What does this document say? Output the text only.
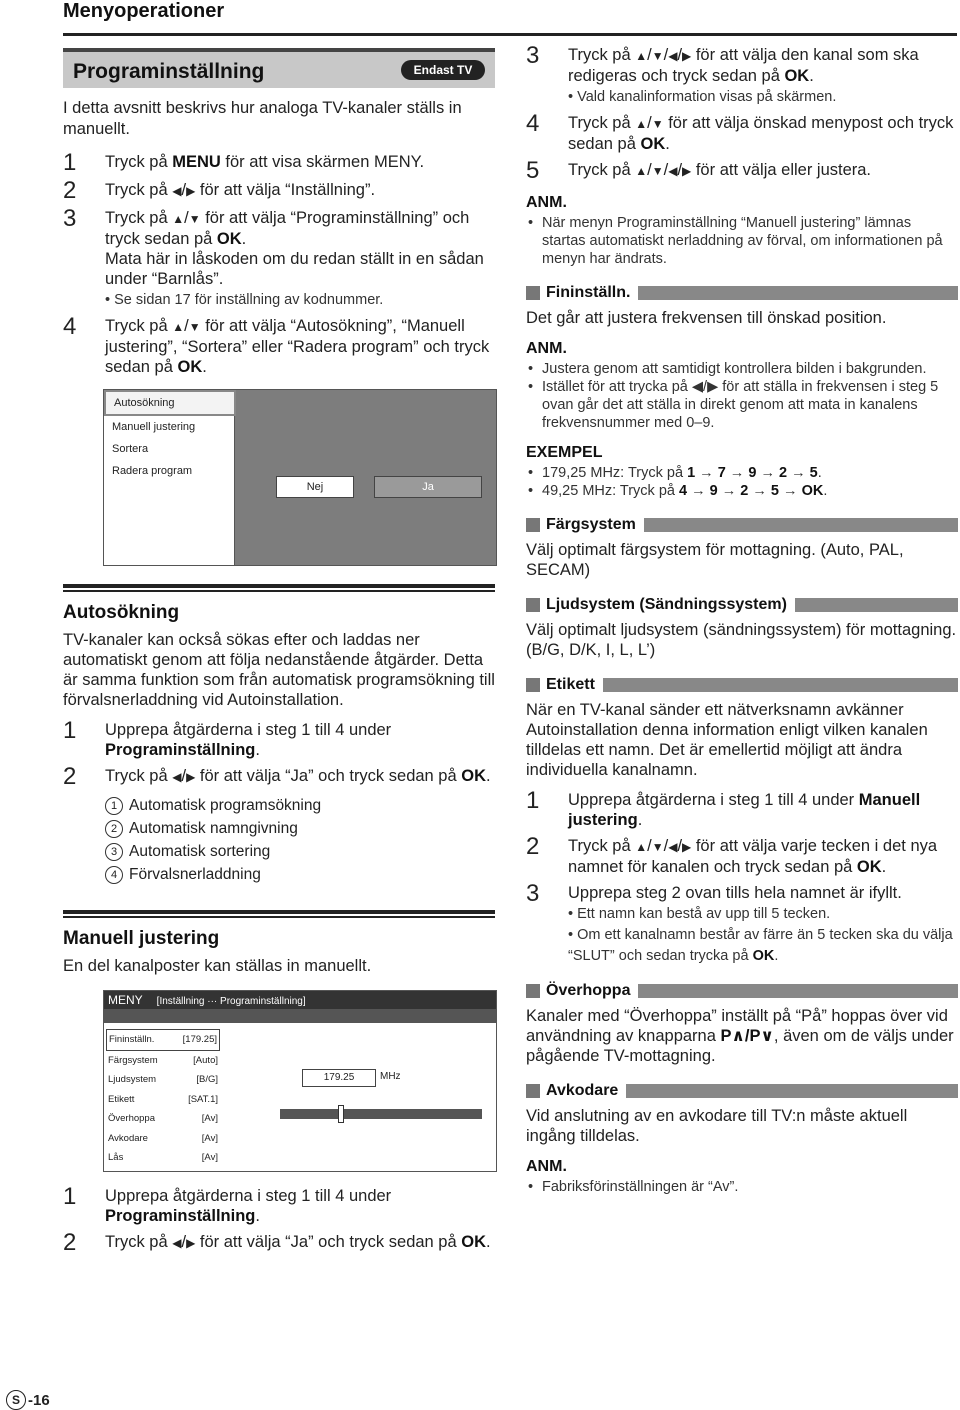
Menyoperationer
Programinställning	Endast TV

I detta avsnitt beskrivs hur analoga TV-kanaler ställs in manuellt.

1	Tryck på MENU för att visa skärmen MENY.
2	Tryck på ◀/▶ för att välja “Inställning”.
3	Tryck på ▲/▼ för att välja “Programinställning” och tryck sedan på OK.
Mata här in låskoden om du redan ställt in en sådan under “Barnlås”.
• Se sidan 17 för inställning av kodnummer.
4	Tryck på ▲/▼ för att välja “Autosökning”, “Manuell justering”, “Sortera” eller “Radera program” och tryck sedan på OK.
Autosökning
Manuell justering
Sortera
Radera program
Nej	Ja
Autosökning

TV-kanaler kan också sökas efter och laddas ner automatiskt genom att följa nedanstående åtgärder. Detta är samma funktion som från automatisk programsökning till förvalsnerladdning vid Autoinstallation.

1	Upprepa åtgärderna i steg 1 till 4 under Programinställning.
2	Tryck på ◀/▶ för att välja “Ja” och tryck sedan på OK.
1 Automatisk programsökning
2 Automatisk namngivning
3 Automatisk sortering
4 Förvalsnerladdning
Manuell justering

En del kanalposter kan ställas in manuellt.

MENY [Inställning ··· Programinställning]
Fininställn.	[179.25]
Färgsystem	[Auto]
Ljudsystem	[B/G]
Etikett	[SAT.1]
Överhoppa	[Av]
Avkodare	[Av]
Lås	[Av]
179.25	MHz
1	Upprepa åtgärderna i steg 1 till 4 under Programinställning.
2	Tryck på ◀/▶ för att välja “Ja” och tryck sedan på OK.
3	Tryck på ▲/▼/◀/▶ för att välja den kanal som ska redigeras och tryck sedan på OK.
• Vald kanalinformation visas på skärmen.
4	Tryck på ▲/▼ för att välja önskad menypost och tryck sedan på OK.
5	Tryck på ▲/▼/◀/▶ för att välja eller justera.
ANM.
• När menyn Programinställning “Manuell justering” lämnas startas automatiskt nerladdning av förval, om informationen på menyn har ändrats.
Fininställn.

Det går att justera frekvensen till önskad position.

ANM.
• Justera genom att samtidigt kontrollera bilden i bakgrunden.
• Istället för att trycka på ◀/▶ för att ställa in frekvensen i steg 5 ovan går det att ställa in direkt genom att mata in kanalens frekvensnummer med 0–9.
EXEMPEL
• 179,25 MHz: Tryck på 1 → 7 → 9 → 2 → 5.
• 49,25 MHz: Tryck på 4 → 9 → 2 → 5 → OK.
Färgsystem

Välj optimalt färgsystem för mottagning. (Auto, PAL, SECAM)

Ljudsystem (Sändningssystem)

Välj optimalt ljudsystem (sändningssystem) för mottagning. (B/G, D/K, I, L, L’)

Etikett

När en TV-kanal sänder ett nätverksnamn avkänner Autoinstallation denna information enligt vilken kanalen tilldelas ett namn. Det är emellertid möjligt att ändra individuella kanalnamn.

1	Upprepa åtgärderna i steg 1 till 4 under Manuell justering.
2	Tryck på ▲/▼/◀/▶ för att välja varje tecken i det nya namnet för kanalen och tryck sedan på OK.
3	Upprepa steg 2 ovan tills hela namnet är ifyllt.
• Ett namn kan bestå av upp till 5 tecken.
• Om ett kanalnamn består av färre än 5 tecken ska du välja “SLUT” och sedan trycka på OK.
Överhoppa

Kanaler med “Överhoppa” inställt på “På” hoppas över vid användning av knapparna P∧/P∨, även om de väljs under pågående TV-mottagning.

Avkodare

Vid anslutning av en avkodare till TV:n måste aktuell ingång tilldelas.

ANM.
• Fabriksförinställningen är “Av”.
S -16
